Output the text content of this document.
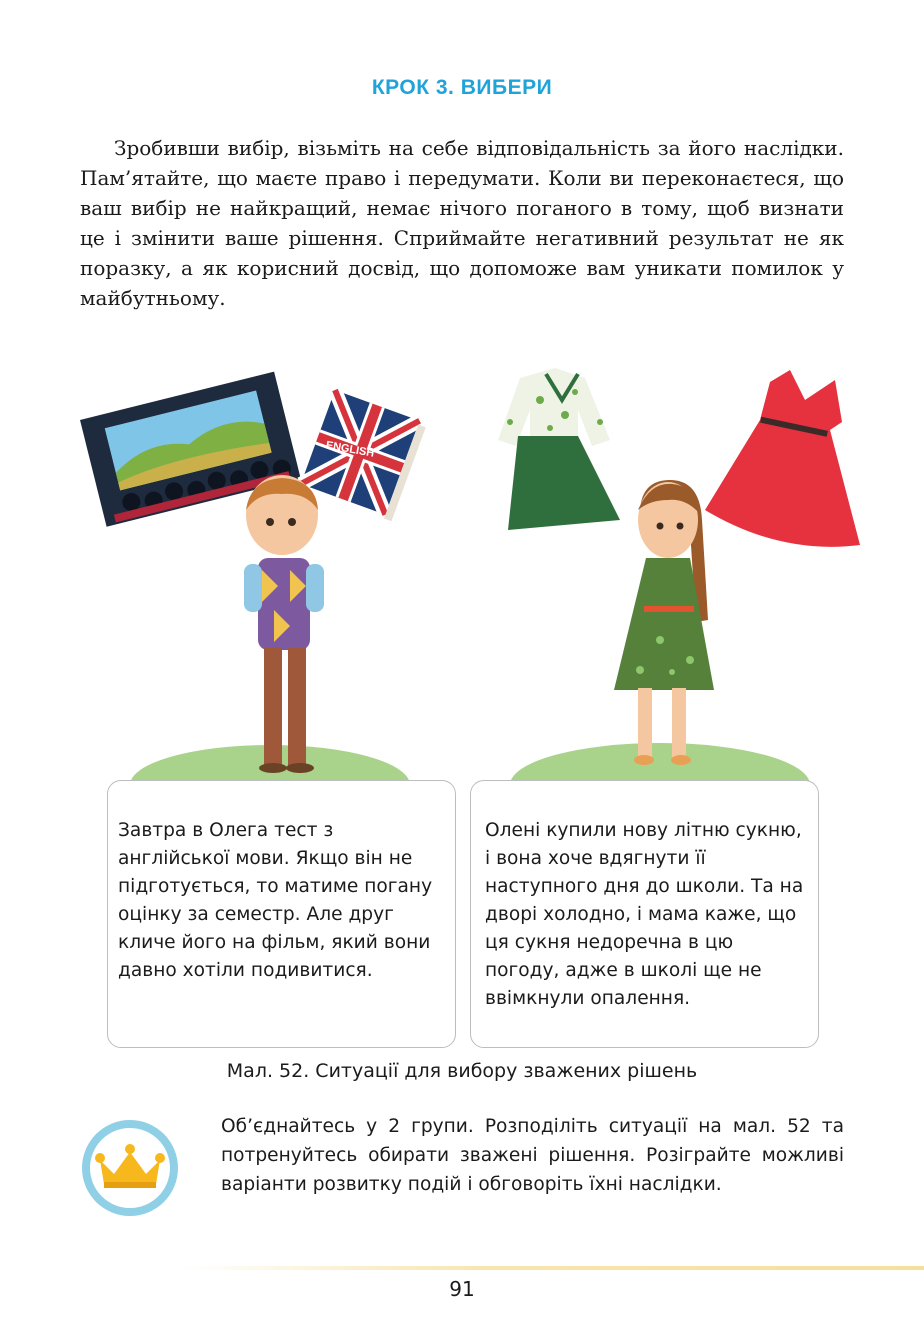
КРОК 3. ВИБЕРИ

Зробивши вибір, візьміть на себе відповідальність за його наслідки. Пам’ятайте, що маєте право і передумати. Коли ви переконаєтеся, що ваш вибір не найкращий, немає нічого поганого в тому, щоб визнати це і змінити ваше рішення. Сприймайте негативний результат не як поразку, а як корисний досвід, що допоможе вам уникати помилок у майбутньому.

ENGLISH
Завтра в Олега тест з англійської мови. Якщо він не підготується, то матиме погану оцінку за семестр. Але друг кличе його на фільм, який вони давно хотіли подивитися.
Олені купили нову літню сукню, і вона хоче вдягнути її наступного дня до школи. Та на дворі холодно, і мама каже, що ця сукня недоречна в цю погоду, адже в школі ще не ввімкнули опалення.
Мал. 52. Ситуації для вибору зважених рішень

Об’єднайтесь у 2 групи. Розподіліть ситуації на мал. 52 та потренуйтесь обирати зважені рішення. Розіграйте можливі варіанти розвитку подій і обговоріть їхні наслідки.

91
